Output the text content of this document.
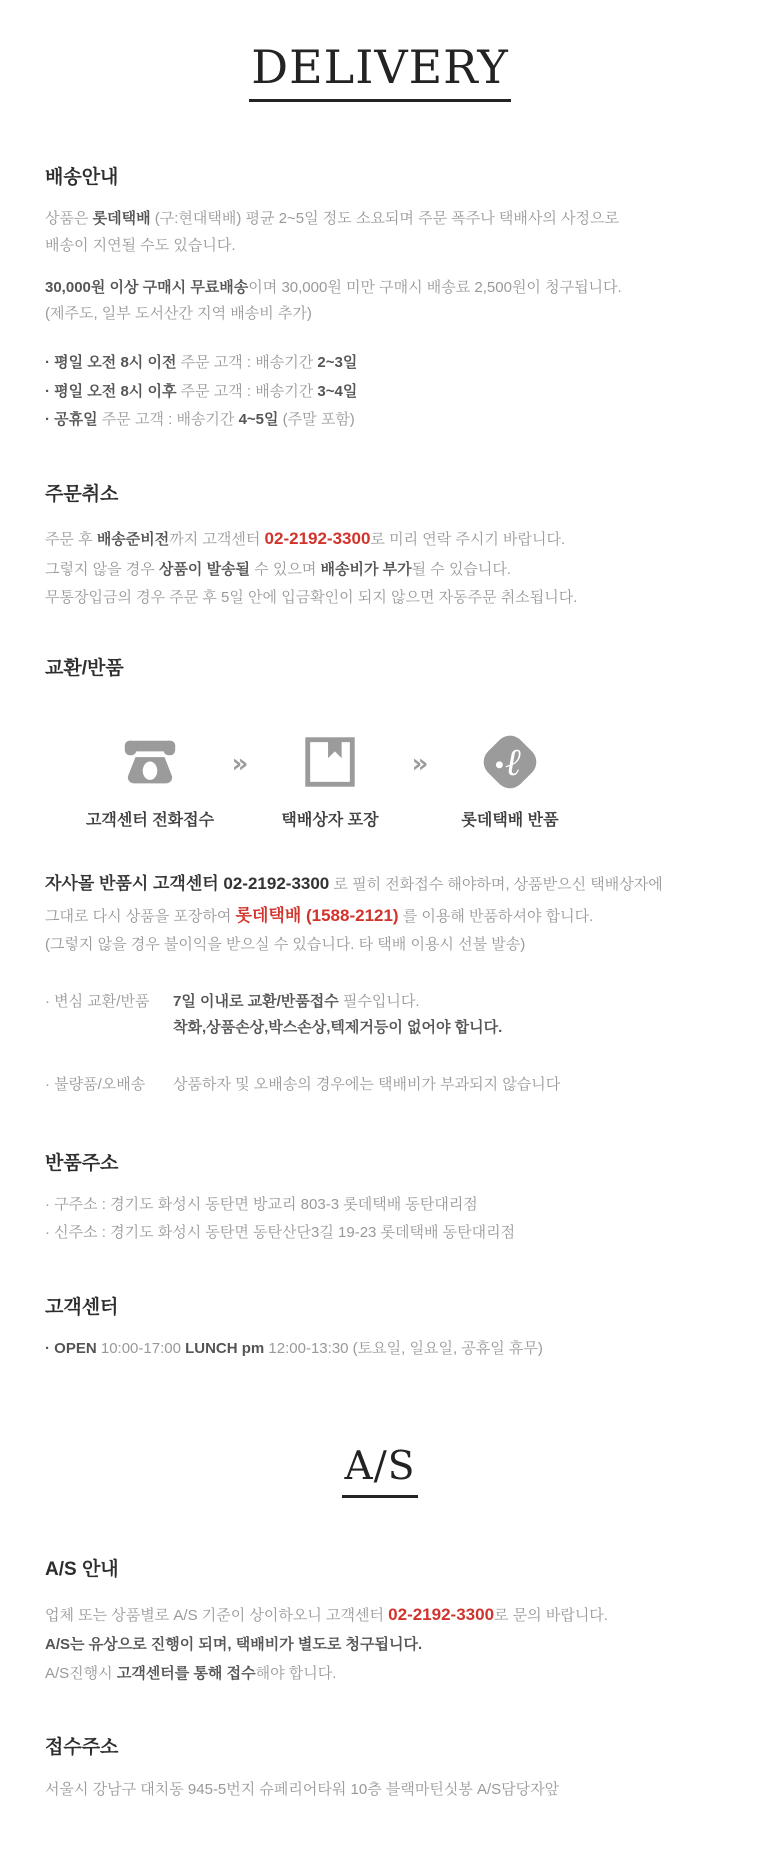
DELIVERY
배송안내

상품은 롯데택배 (구:현대택배) 평균 2~5일 정도 소요되며 주문 폭주나 택배사의 사정으로
배송이 지연될 수도 있습니다.

30,000원 이상 구매시 무료배송이며 30,000원 미만 구매시 배송료 2,500원이 청구됩니다.
(제주도, 일부 도서산간 지역 배송비 추가)

· 평일 오전 8시 이전 주문 고객 : 배송기간 2~3일
· 평일 오전 8시 이후 주문 고객 : 배송기간 3~4일
· 공휴일 주문 고객 : 배송기간 4~5일 (주말 포함)
주문취소

주문 후 배송준비전까지 고객센터 02-2192-3300로 미리 연락 주시기 바랍니다.
그렇지 않을 경우 상품이 발송될 수 있으며 배송비가 부가될 수 있습니다.
무통장입금의 경우 주문 후 5일 안에 입금확인이 되지 않으면 자동주문 취소됩니다.

교환/반품
고객센터 전화접수
»
택배상자 포장
» ℓ
롯데택배 반품

자사몰 반품시 고객센터 02-2192-3300 로 필히 전화접수 해야하며, 상품받으신 택배상자에
그대로 다시 상품을 포장하여 롯데택배 (1588-2121) 를 이용해 반품하셔야 합니다.
(그렇지 않을 경우 불이익을 받으실 수 있습니다. 타 택배 이용시 선불 발송)

· 변심 교환/반품	7일 이내로 교환/반품접수 필수입니다.
착화,상품손상,박스손상,텍제거등이 없어야 합니다.
· 불량품/오배송	상품하자 및 오배송의 경우에는 택배비가 부과되지 않습니다
반품주소
· 구주소 : 경기도 화성시 동탄면 방교리 803-3 롯데택배 동탄대리점
· 신주소 : 경기도 화성시 동탄면 동탄산단3길 19-23 롯데택배 동탄대리점
고객센터

· OPEN 10:00-17:00 LUNCH pm 12:00-13:30 (토요일, 일요일, 공휴일 휴무)

A/S
A/S 안내

업체 또는 상품별로 A/S 기준이 상이하오니 고객센터 02-2192-3300로 문의 바랍니다.
A/S는 유상으로 진행이 되며, 택배비가 별도로 청구됩니다.
A/S진행시 고객센터를 통해 접수해야 합니다.

접수주소

서울시 강남구 대치동 945-5번지 슈페리어타워 10층 블랙마틴싯봉 A/S담당자앞
